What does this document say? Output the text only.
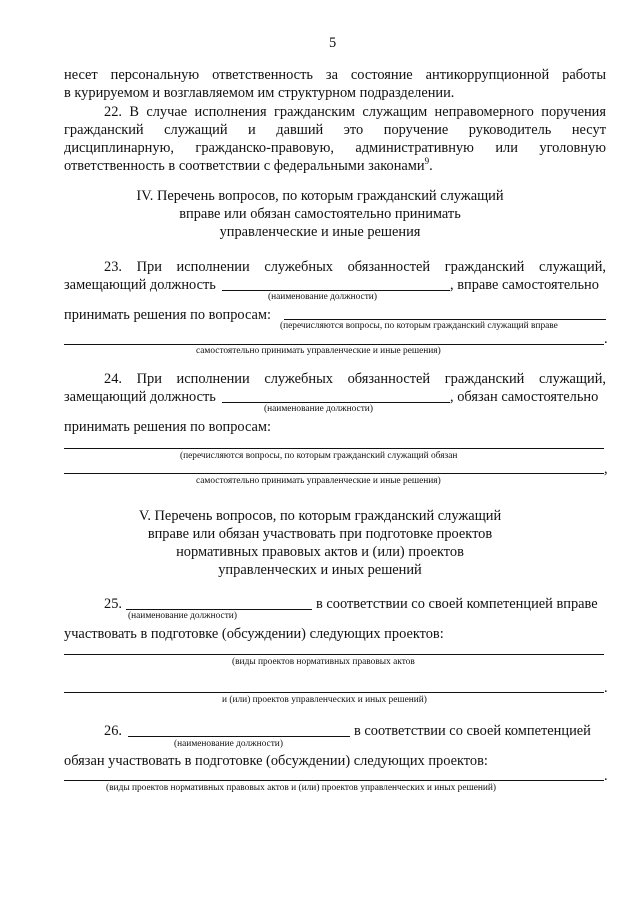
5
несет персональную ответственность за состояние антикоррупционной работы
в курируемом и возглавляемом им структурном подразделении.
22. В случае исполнения гражданским служащим неправомерного поручения
гражданский служащий и давший это поручение руководитель несут
дисциплинарную, гражданско-правовую, административную или уголовную
ответственность в соответствии с федеральными законами$^9$.
IV. Перечень вопросов, по которым гражданский служащий
вправе или обязан самостоятельно принимать
управленческие и иные решения
23. При исполнении служебных обязанностей гражданский служащий,
замещающий должность	, вправе самостоятельно
(наименование должности)
принимать решения по вопросам:
(перечисляются вопросы, по которым гражданский служащий вправе
.
самостоятельно принимать управленческие и иные решения)
24. При исполнении служебных обязанностей гражданский служащий,
замещающий должность	, обязан самостоятельно
(наименование должности)
принимать решения по вопросам:
(перечисляются вопросы, по которым гражданский служащий обязан
,
самостоятельно принимать управленческие и иные решения)
V. Перечень вопросов, по которым гражданский служащий
вправе или обязан участвовать при подготовке проектов
нормативных правовых актов и (или) проектов
управленческих и иных решений
25.	в соответствии со своей компетенцией вправе
(наименование должности)
участвовать в подготовке (обсуждении) следующих проектов:
(виды проектов нормативных правовых актов
.
и (или) проектов управленческих и иных решений)
26.	в соответствии со своей компетенцией
(наименование должности)
обязан участвовать в подготовке (обсуждении) следующих проектов:
.
(виды проектов нормативных правовых актов и (или) проектов управленческих и иных решений)
